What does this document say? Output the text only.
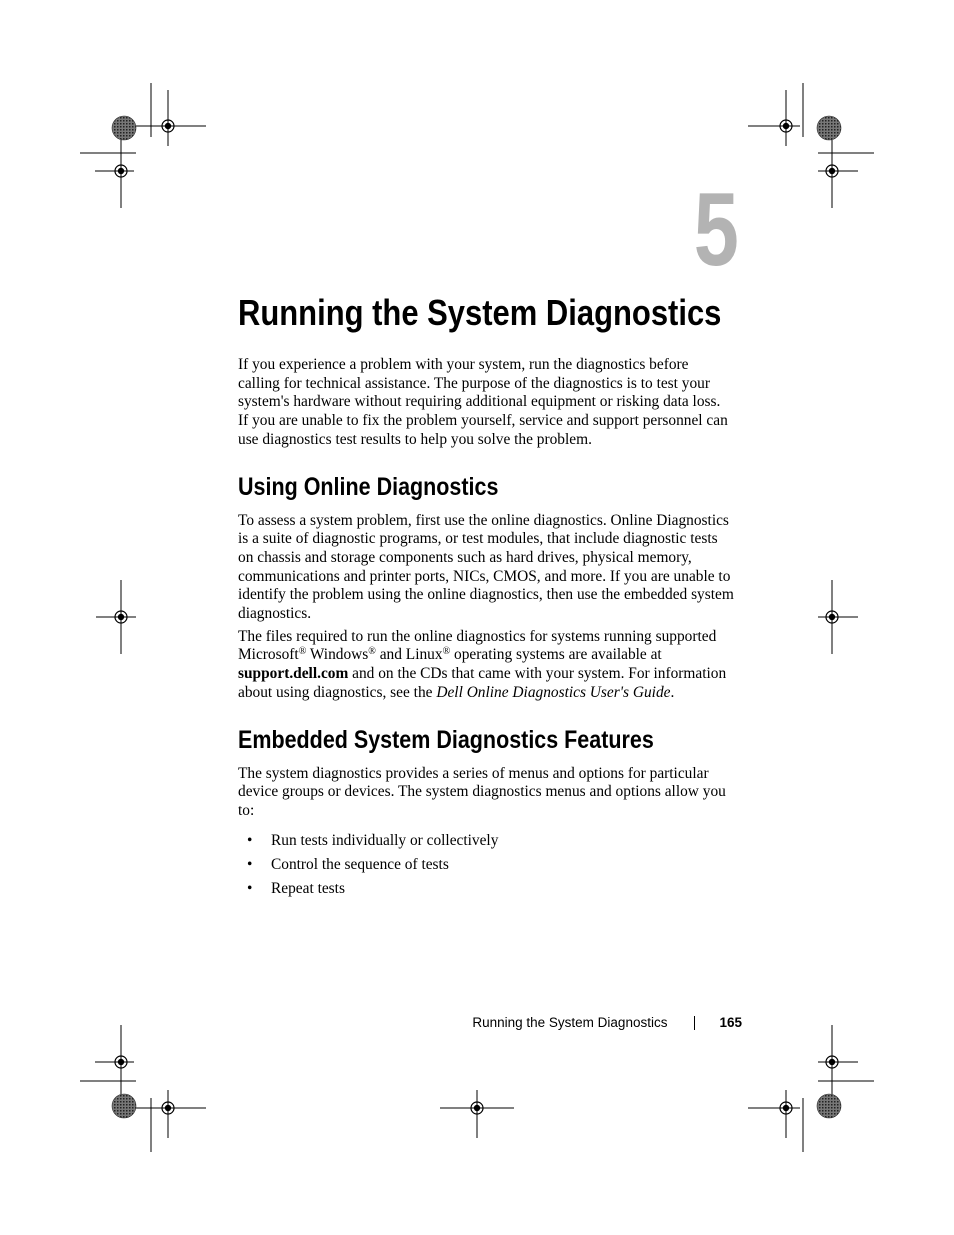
5
Running the System Diagnostics

If you experience a problem with your system, run the diagnostics before calling for technical assistance. The purpose of the diagnostics is to test your system's hardware without requiring additional equipment or risking data loss. If you are unable to fix the problem yourself, service and support personnel can use diagnostics test results to help you solve the problem.

Using Online Diagnostics

To assess a system problem, first use the online diagnostics. Online Diagnostics is a suite of diagnostic programs, or test modules, that include diagnostic tests on chassis and storage components such as hard drives, physical memory, communications and printer ports, NICs, CMOS, and more. If you are unable to identify the problem using the online diagnostics, then use the embedded system diagnostics.

The files required to run the online diagnostics for systems running supported Microsoft® Windows® and Linux® operating systems are available at support.dell.com and on the CDs that came with your system. For information about using diagnostics, see the Dell Online Diagnostics User's Guide.

Embedded System Diagnostics Features

The system diagnostics provides a series of menus and options for particular device groups or devices. The system diagnostics menus and options allow you to:

• Run tests individually or collectively
• Control the sequence of tests
• Repeat tests
Running the System Diagnostics	165
